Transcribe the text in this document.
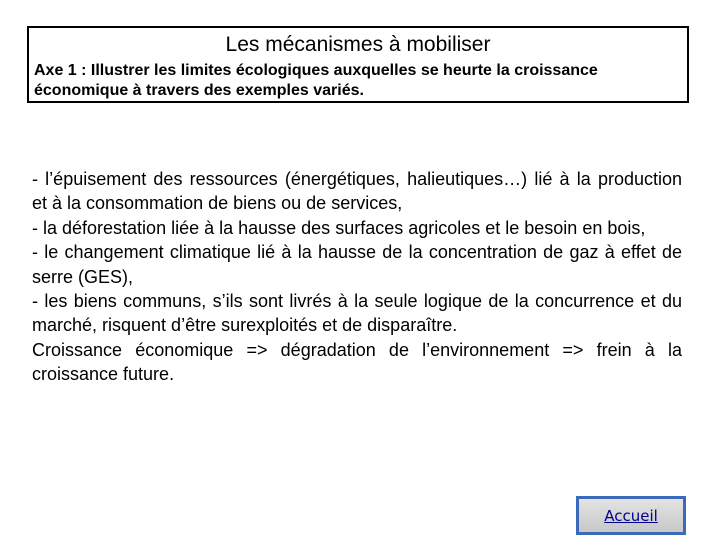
Les mécanismes à mobiliser
Axe 1 : Illustrer les limites écologiques auxquelles se heurte la croissance économique à travers des exemples variés.

- l’épuisement des ressources (énergétiques, halieutiques…) lié à la production et à la consommation de biens ou de services,

- la déforestation liée à la hausse des surfaces agricoles et le besoin en bois,

- le changement climatique lié à la hausse de la concentration de gaz à effet de serre (GES),

- les biens communs, s’ils sont livrés à la seule logique de la concurrence et du marché, risquent d’être surexploités et de disparaître.

Croissance économique => dégradation de l’environnement => frein à la croissance future.

Accueil
